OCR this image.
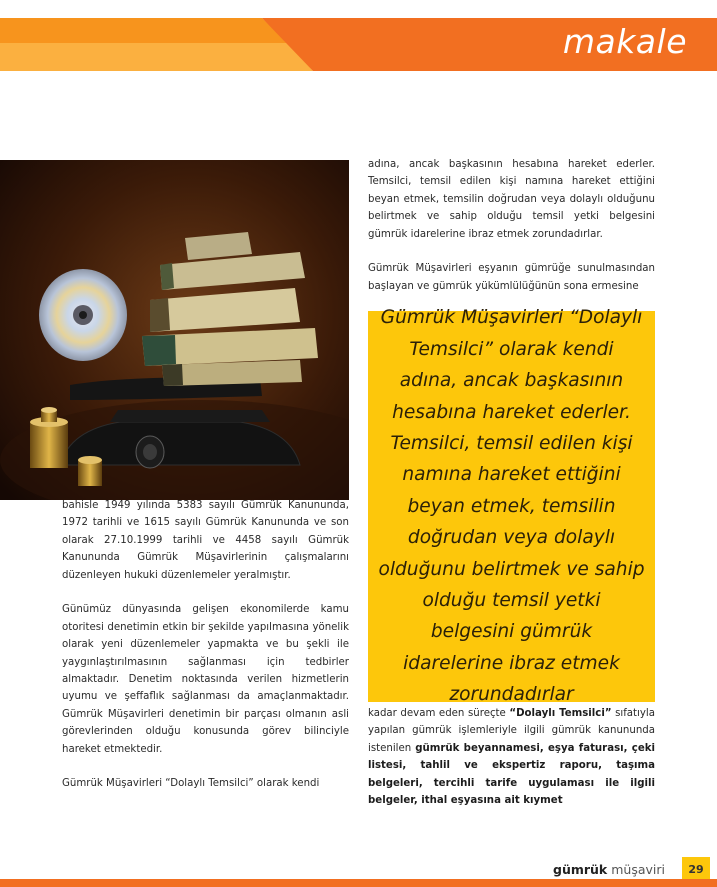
makale

bahisle 1949 yılında 5383 sayılı Gümrük Kanununda, 1972 tarihli ve 1615 sayılı Gümrük Kanununda ve son olarak 27.10.1999 tarihli ve 4458 sayılı Gümrük Kanununda Gümrük Müşavirlerinin çalışmalarını düzenleyen hukuki düzenlemeler yeralmıştır.

Günümüz dünyasında gelişen ekonomilerde kamu otoritesi denetimin etkin bir şekilde yapılmasına yönelik olarak yeni düzenlemeler yapmakta ve bu şekli ile yaygınlaştırılmasının sağlanması için tedbirler almaktadır. Denetim noktasında verilen hizmetlerin uyumu ve şeffaflık sağlanması da amaçlanmaktadır. Gümrük Müşavirleri denetimin bir parçası olmanın asli görevlerinden olduğu konusunda görev bilinciyle hareket etmektedir.

Gümrük Müşavirleri “Dolaylı Temsilci” olarak kendi

adına, ancak başkasının hesabına hareket ederler. Temsilci, temsil edilen kişi namına hareket ettiğini beyan etmek, temsilin doğrudan veya dolaylı olduğunu belirtmek ve sahip olduğu temsil yetki belgesini gümrük idarelerine ibraz etmek zorundadırlar.

Gümrük Müşavirleri eşyanın gümrüğe sunulmasından başlayan ve gümrük yükümlülüğünün sona ermesine

Gümrük Müşavirleri “Dolaylı Temsilci” olarak kendi adına, ancak başkasının hesabına hareket ederler. Temsilci, temsil edilen kişi namına hareket ettiğini beyan etmek, temsilin doğrudan veya dolaylı olduğunu belirtmek ve sahip olduğu temsil yetki belgesini gümrük idarelerine ibraz etmek zorundadırlar

kadar devam eden süreçte “Dolaylı Temsilci” sıfatıyla yapılan gümrük işlemleriyle ilgili gümrük kanununda istenilen gümrük beyannamesi, eşya faturası, çeki listesi, tahlil ve ekspertiz raporu, taşıma belgeleri, tercihli tarife uygulaması ile ilgili belgeler, ithal eşyasına ait kıymet

gümrük müşaviri	29
